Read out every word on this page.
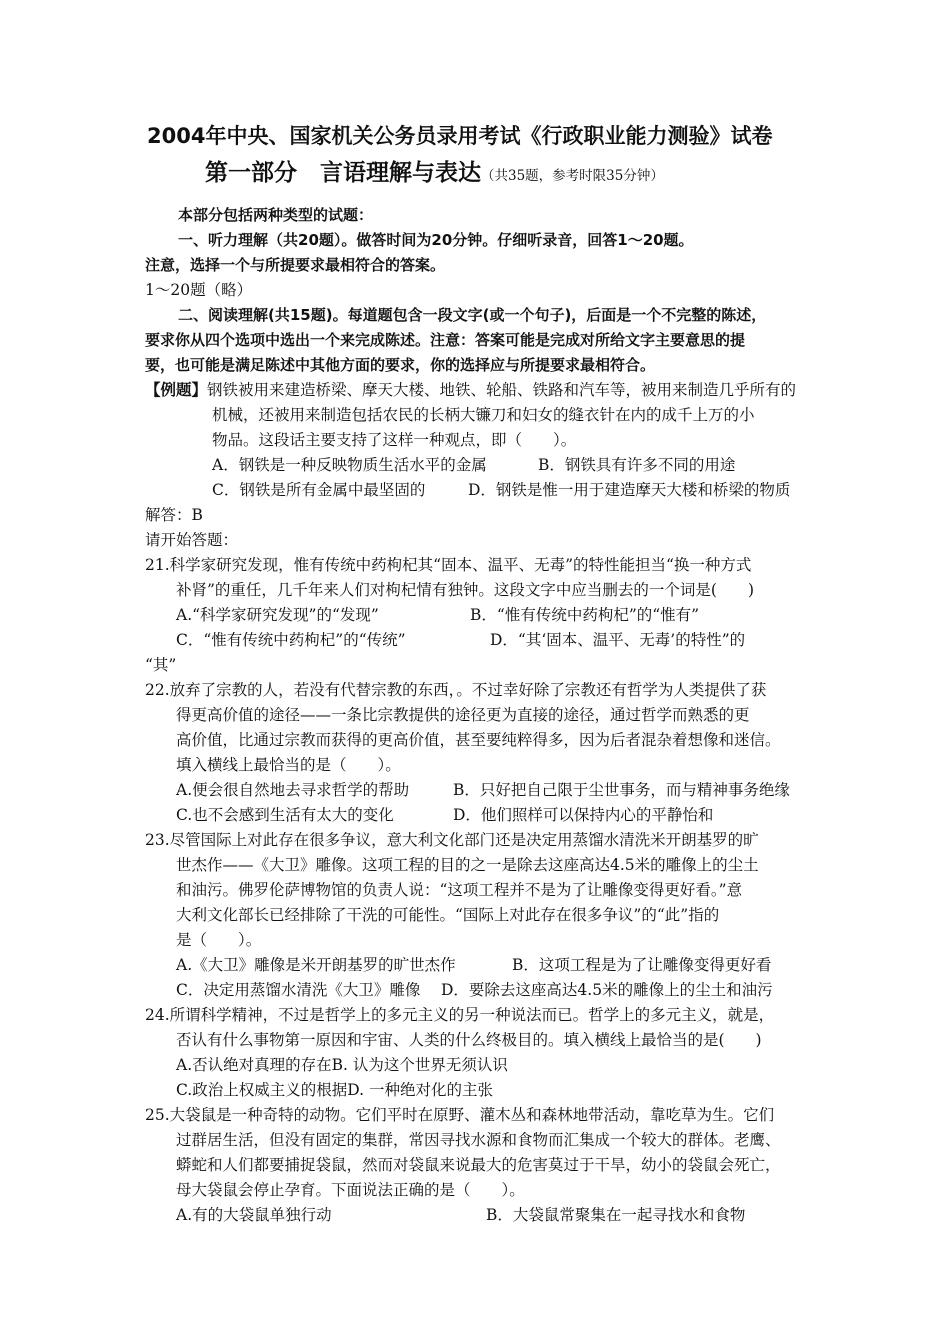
2004年中央、国家机关公务员录用考试《行政职业能力测验》试卷
第一部分　言语理解与表达（共35题，参考时限35分钟）
本部分包括两种类型的试题：
一、听力理解（共20题）。做答时间为20分钟。仔细听录音，回答1～20题。
注意，选择一个与所提要求最相符合的答案。
1～20题（略）
二、阅读理解(共15题)。每道题包含一段文字(或一个句子)，后面是一个不完整的陈述，
要求你从四个选项中选出一个来完成陈述。注意：答案可能是完成对所给文字主要意思的提
要，也可能是满足陈述中其他方面的要求，你的选择应与所提要求最相符合。
【例题】钢铁被用来建造桥梁、摩天大楼、地铁、轮船、铁路和汽车等，被用来制造几乎所有的
机械，还被用来制造包括农民的长柄大镰刀和妇女的缝衣针在内的成千上万的小
物品。这段话主要支持了这样一种观点，即（　　）。
A．钢铁是一种反映物质生活水平的金属	B．钢铁具有许多不同的用途
C．钢铁是所有金属中最坚固的	D．钢铁是惟一用于建造摩天大楼和桥梁的物质
解答：B
请开始答题：
21.科学家研究发现，惟有传统中药枸杞其“固本、温平、无毒”的特性能担当“换一种方式
补肾”的重任，几千年来人们对枸杞情有独钟。这段文字中应当删去的一个词是(　　)
A.“科学家研究发现”的“发现”	B．“惟有传统中药枸杞”的“惟有”
C．“惟有传统中药枸杞”的“传统”	D．“其‘固本、温平、无毒’的特性”的
“其”
22.放弃了宗教的人，若没有代替宗教的东西，。不过幸好除了宗教还有哲学为人类提供了获
得更高价值的途径——一条比宗教提供的途径更为直接的途径，通过哲学而熟悉的更
高价值，比通过宗教而获得的更高价值，甚至要纯粹得多，因为后者混杂着想像和迷信。
填入横线上最恰当的是（　　）。
A.便会很自然地去寻求哲学的帮助	B．只好把自己限于尘世事务，而与精神事务绝缘
C.也不会感到生活有太大的变化	D．他们照样可以保持内心的平静怡和
23.尽管国际上对此存在很多争议，意大利文化部门还是决定用蒸馏水清洗米开朗基罗的旷
世杰作——《大卫》雕像。这项工程的目的之一是除去这座高达4.5米的雕像上的尘土
和油污。佛罗伦萨博物馆的负责人说：“这项工程并不是为了让雕像变得更好看。”意
大利文化部长已经排除了干洗的可能性。“国际上对此存在很多争议”的“此”指的
是（　　）。
A.《大卫》雕像是米开朗基罗的旷世杰作	B．这项工程是为了让雕像变得更好看
C．决定用蒸馏水清洗《大卫》雕像 D．要除去这座高达4.5米的雕像上的尘土和油污
24.所谓科学精神，不过是哲学上的多元主义的另一种说法而已。哲学上的多元主义，就是，
否认有什么事物第一原因和宇宙、人类的什么终极目的。填入横线上最恰当的是(　　)
A.否认绝对真理的存在B. 认为这个世界无须认识
C.政治上权威主义的根据D. 一种绝对化的主张
25.大袋鼠是一种奇特的动物。它们平时在原野、灌木丛和森林地带活动，靠吃草为生。它们
过群居生活，但没有固定的集群，常因寻找水源和食物而汇集成一个较大的群体。老鹰、
蟒蛇和人们都要捕捉袋鼠，然而对袋鼠来说最大的危害莫过于干旱，幼小的袋鼠会死亡，
母大袋鼠会停止孕育。下面说法正确的是（　　）。
A.有的大袋鼠单独行动	B．大袋鼠常聚集在一起寻找水和食物
